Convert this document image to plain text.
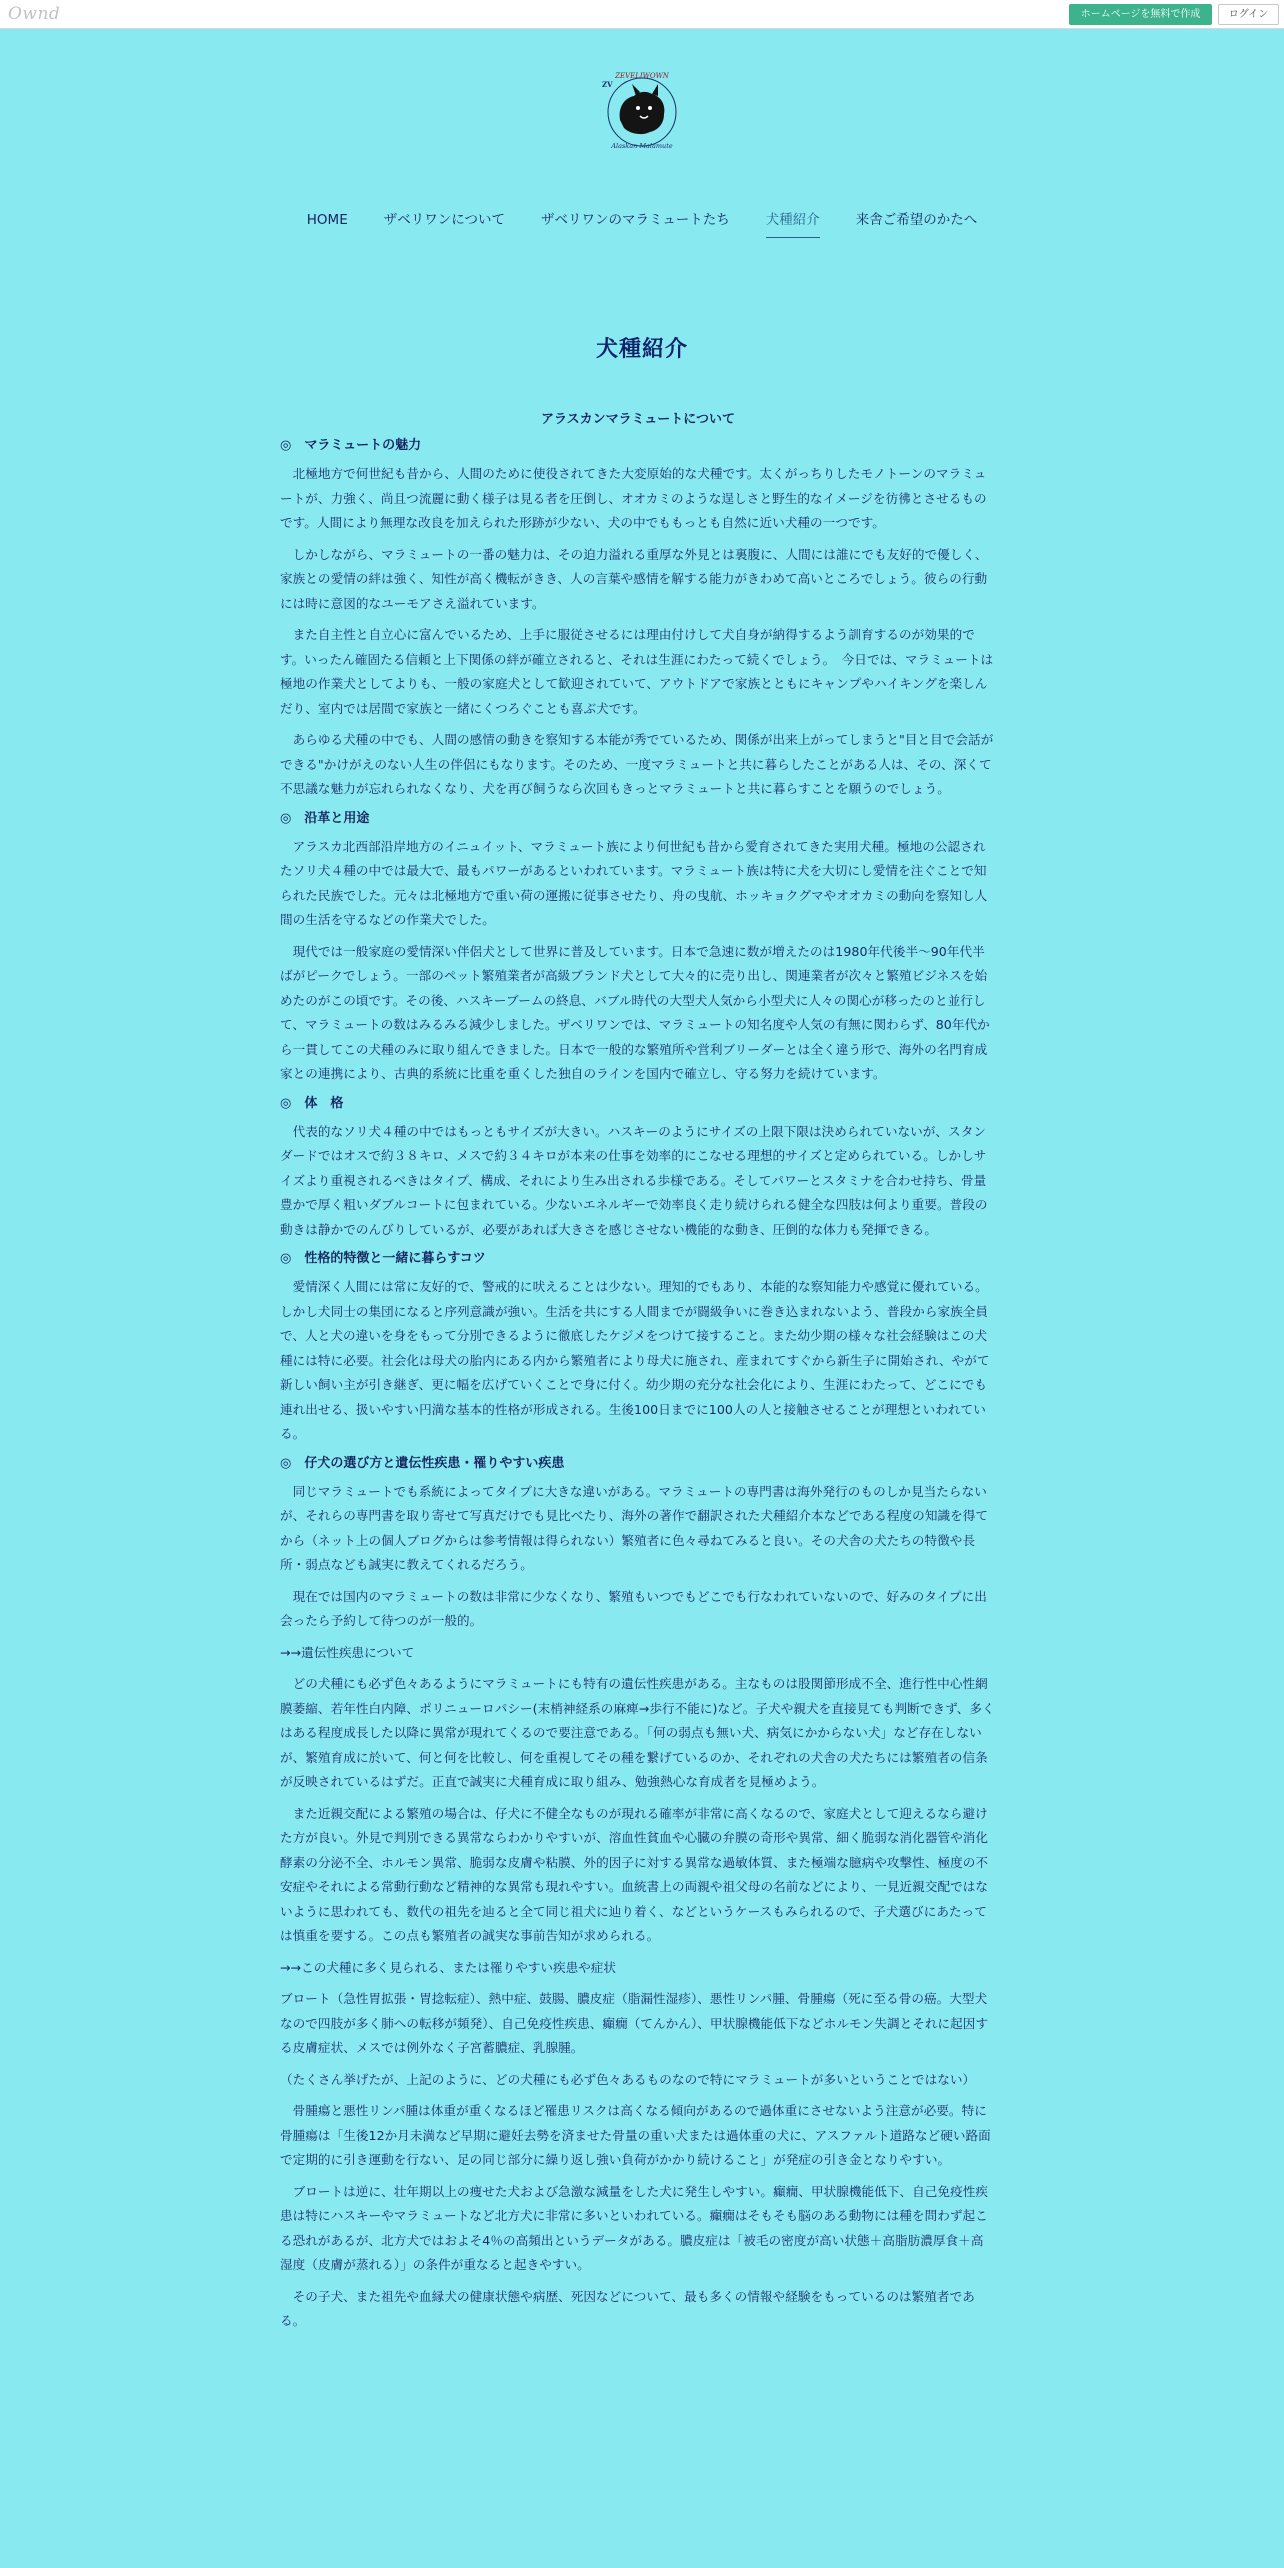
Ownd	ホームページを無料で作成	ログイン
ZEVELIWOWN
ZV
Alaskan Malamute
HOME	ザベリワンについて	ザベリワンのマラミュートたち	犬種紹介	来舎ご希望のかたへ
犬種紹介
アラスカンマラミュートについて
◎　マラミュートの魅力

北極地方で何世紀も昔から、人間のために使役されてきた大変原始的な犬種です。太くがっちりしたモノトーンのマラミュートが、力強く、尚且つ流麗に動く様子は見る者を圧倒し、オオカミのような逞しさと野生的なイメージを彷彿とさせるものです。人間により無理な改良を加えられた形跡が少ない、犬の中でももっとも自然に近い犬種の一つです。

しかしながら、マラミュートの一番の魅力は、その迫力溢れる重厚な外見とは裏腹に、人間には誰にでも友好的で優しく、家族との愛情の絆は強く、知性が高く機転がきき、人の言葉や感情を解する能力がきわめて高いところでしょう。彼らの行動には時に意図的なユーモアさえ溢れています。

また自主性と自立心に富んでいるため、上手に服従させるには理由付けして犬自身が納得するよう訓育するのが効果的です。いったん確固たる信頼と上下関係の絆が確立されると、それは生涯にわたって続くでしょう。　今日では、マラミュートは極地の作業犬としてよりも、一般の家庭犬として歓迎されていて、アウトドアで家族とともにキャンプやハイキングを楽しんだり、室内では居間で家族と一緒にくつろぐことも喜ぶ犬です。

あらゆる犬種の中でも、人間の感情の動きを察知する本能が秀でているため、関係が出来上がってしまうと"目と目で会話ができる"かけがえのない人生の伴侶にもなります。そのため、一度マラミュートと共に暮らしたことがある人は、その、深くて不思議な魅力が忘れられなくなり、犬を再び飼うなら次回もきっとマラミュートと共に暮らすことを願うのでしょう。

◎　沿革と用途

アラスカ北西部沿岸地方のイニュイット、マラミュート族により何世紀も昔から愛育されてきた実用犬種。極地の公認されたソリ犬４種の中では最大で、最もパワーがあるといわれています。マラミュート族は特に犬を大切にし愛情を注ぐことで知られた民族でした。元々は北極地方で重い荷の運搬に従事させたり、舟の曳航、ホッキョクグマやオオカミの動向を察知し人間の生活を守るなどの作業犬でした。

現代では一般家庭の愛情深い伴侶犬として世界に普及しています。日本で急速に数が増えたのは1980年代後半～90年代半ばがピークでしょう。一部のペット繁殖業者が高級ブランド犬として大々的に売り出し、関連業者が次々と繁殖ビジネスを始めたのがこの頃です。その後、ハスキーブームの終息、バブル時代の大型犬人気から小型犬に人々の関心が移ったのと並行して、マラミュートの数はみるみる減少しました。ザベリワンでは、マラミュートの知名度や人気の有無に関わらず、80年代から一貫してこの犬種のみに取り組んできました。日本で一般的な繁殖所や営利ブリーダーとは全く違う形で、海外の名門育成家との連携により、古典的系統に比重を重くした独自のラインを国内で確立し、守る努力を続けています。

◎　体　格

代表的なソリ犬４種の中ではもっともサイズが大きい。ハスキーのようにサイズの上限下限は決められていないが、スタンダードではオスで約３８キロ、メスで約３４キロが本来の仕事を効率的にこなせる理想的サイズと定められている。しかしサイズより重視されるべきはタイプ、構成、それにより生み出される歩様である。そしてパワーとスタミナを合わせ持ち、骨量豊かで厚く粗いダブルコートに包まれている。少ないエネルギーで効率良く走り続けられる健全な四肢は何より重要。普段の動きは静かでのんびりしているが、必要があれば大きさを感じさせない機能的な動き、圧倒的な体力も発揮できる。

◎　性格的特徴と一緒に暮らすコツ

愛情深く人間には常に友好的で、警戒的に吠えることは少ない。理知的でもあり、本能的な察知能力や感覚に優れている。しかし犬同士の集団になると序列意識が強い。生活を共にする人間までが闘級争いに巻き込まれないよう、普段から家族全員で、人と犬の違いを身をもって分別できるように徹底したケジメをつけて接すること。また幼少期の様々な社会経験はこの犬種には特に必要。社会化は母犬の胎内にある内から繁殖者により母犬に施され、産まれてすぐから新生子に開始され、やがて新しい飼い主が引き継ぎ、更に幅を広げていくことで身に付く。幼少期の充分な社会化により、生涯にわたって、どこにでも連れ出せる、扱いやすい円満な基本的性格が形成される。生後100日までに100人の人と接触させることが理想といわれている。

◎　仔犬の選び方と遺伝性疾患・罹りやすい疾患

同じマラミュートでも系統によってタイプに大きな違いがある。マラミュートの専門書は海外発行のものしか見当たらないが、それらの専門書を取り寄せて写真だけでも見比べたり、海外の著作で翻訳された犬種紹介本などである程度の知識を得てから（ネット上の個人ブログからは参考情報は得られない）繁殖者に色々尋ねてみると良い。その犬舎の犬たちの特徴や長所・弱点なども誠実に教えてくれるだろう。

現在では国内のマラミュートの数は非常に少なくなり、繁殖もいつでもどこでも行なわれていないので、好みのタイプに出会ったら予約して待つのが一般的。

→→遺伝性疾患について

どの犬種にも必ず色々あるようにマラミュートにも特有の遺伝性疾患がある。主なものは股関節形成不全、進行性中心性網膜萎縮、若年性白内障、ポリニューロパシー(末梢神経系の麻痺→歩行不能に)など。子犬や親犬を直接見ても判断できず、多くはある程度成長した以降に異常が現れてくるので要注意である。「何の弱点も無い犬、病気にかからない犬」など存在しないが、繁殖育成に於いて、何と何を比較し、何を重視してその種を繋げているのか、それぞれの犬舎の犬たちには繁殖者の信条が反映されているはずだ。正直で誠実に犬種育成に取り組み、勉強熱心な育成者を見極めよう。

また近親交配による繁殖の場合は、仔犬に不健全なものが現れる確率が非常に高くなるので、家庭犬として迎えるなら避けた方が良い。外見で判別できる異常ならわかりやすいが、溶血性貧血や心臓の弁膜の奇形や異常、細く脆弱な消化器管や消化酵素の分泌不全、ホルモン異常、脆弱な皮膚や粘膜、外的因子に対する異常な過敏体質、また極端な臆病や攻撃性、極度の不安症やそれによる常動行動など精神的な異常も現れやすい。血統書上の両親や祖父母の名前などにより、一見近親交配ではないように思われても、数代の祖先を辿ると全て同じ祖犬に辿り着く、などというケースもみられるので、子犬選びにあたっては慎重を要する。この点も繁殖者の誠実な事前告知が求められる。

→→この犬種に多く見られる、または罹りやすい疾患や症状

ブロート（急性胃拡張・胃捻転症）、熱中症、鼓腸、膿皮症（脂漏性湿疹）、悪性リンパ腫、骨腫瘍（死に至る骨の癌。大型犬なので四肢が多く肺への転移が頻発）、自己免疫性疾患、癲癇（てんかん）、甲状腺機能低下などホルモン失調とそれに起因する皮膚症状、メスでは例外なく子宮蓄膿症、乳腺腫。

（たくさん挙げたが、上記のように、どの犬種にも必ず色々あるものなので特にマラミュートが多いということではない）

骨腫瘍と悪性リンパ腫は体重が重くなるほど罹患リスクは高くなる傾向があるので過体重にさせないよう注意が必要。特に骨腫瘍は「生後12か月未満など早期に避妊去勢を済ませた骨量の重い犬または過体重の犬に、アスファルト道路など硬い路面で定期的に引き運動を行ない、足の同じ部分に繰り返し強い負荷がかかり続けること」が発症の引き金となりやすい。

ブロートは逆に、壮年期以上の痩せた犬および急激な減量をした犬に発生しやすい。癲癇、甲状腺機能低下、自己免疫性疾患は特にハスキーやマラミュートなど北方犬に非常に多いといわれている。癲癇はそもそも脳のある動物には種を問わず起こる恐れがあるが、北方犬ではおよそ4％の高頻出というデータがある。膿皮症は「被毛の密度が高い状態＋高脂肪濃厚食＋高湿度（皮膚が蒸れる）」の条件が重なると起きやすい。

その子犬、また祖先や血縁犬の健康状態や病歴、死因などについて、最も多くの情報や経験をもっているのは繁殖者である。
